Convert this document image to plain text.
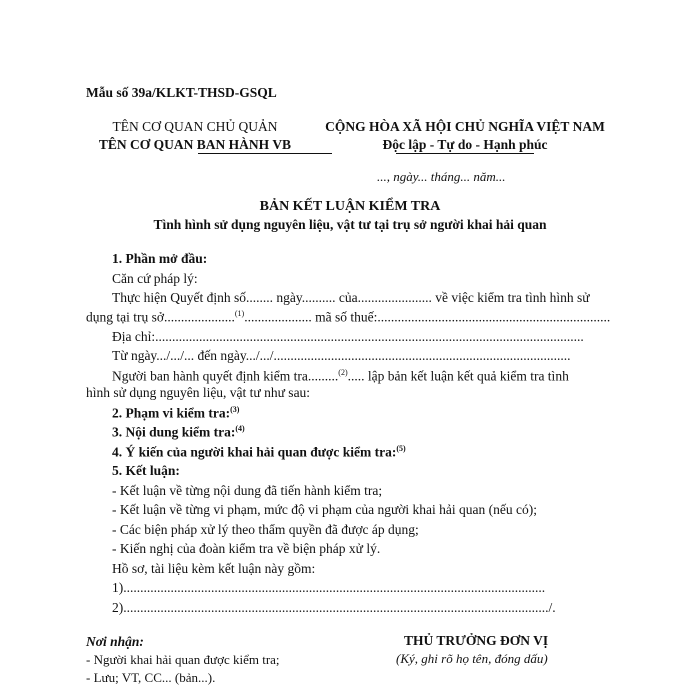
Mẫu số 39a/KLKT-THSD-GSQL
TÊN CƠ QUAN CHỦ QUẢN
TÊN CƠ QUAN BAN HÀNH VB
CỘNG HÒA XÃ HỘI CHỦ NGHĨA VIỆT NAM
Độc lập - Tự do - Hạnh phúc
..., ngày... tháng... năm...
BẢN KẾT LUẬN KIỂM TRA
Tình hình sử dụng nguyên liệu, vật tư tại trụ sở người khai hải quan
1. Phần mở đầu:
Căn cứ pháp lý:
Thực hiện Quyết định số........ ngày.......... của...................... về việc kiểm tra tình hình sử
dụng tại trụ sở.....................$^{(1)}$.................... mã số thuế:.....................................................................
Địa chỉ:...............................................................................................................................
Từ ngày.../.../... đến ngày.../.../........................................................................................
Người ban hành quyết định kiểm tra.........$^{(2)}$..... lập bản kết luận kết quả kiểm tra tình
hình sử dụng nguyên liệu, vật tư như sau:
2. Phạm vi kiểm tra:$^{(3)}$
3. Nội dung kiểm tra:$^{(4)}$
4. Ý kiến của người khai hải quan được kiểm tra:$^{(5)}$
5. Kết luận:
- Kết luận về từng nội dung đã tiến hành kiểm tra;
- Kết luận về từng vi phạm, mức độ vi phạm của người khai hải quan (nếu có);
- Các biện pháp xử lý theo thẩm quyền đã được áp dụng;
- Kiến nghị của đoàn kiểm tra về biện pháp xử lý.
Hồ sơ, tài liệu kèm kết luận này gồm:
1).............................................................................................................................
2)............................................................................................................................../.
Nơi nhận:
- Người khai hải quan được kiểm tra;
- Lưu; VT, CC... (bản...).
THỦ TRƯỞNG ĐƠN VỊ
(Ký, ghi rõ họ tên, đóng dấu)
